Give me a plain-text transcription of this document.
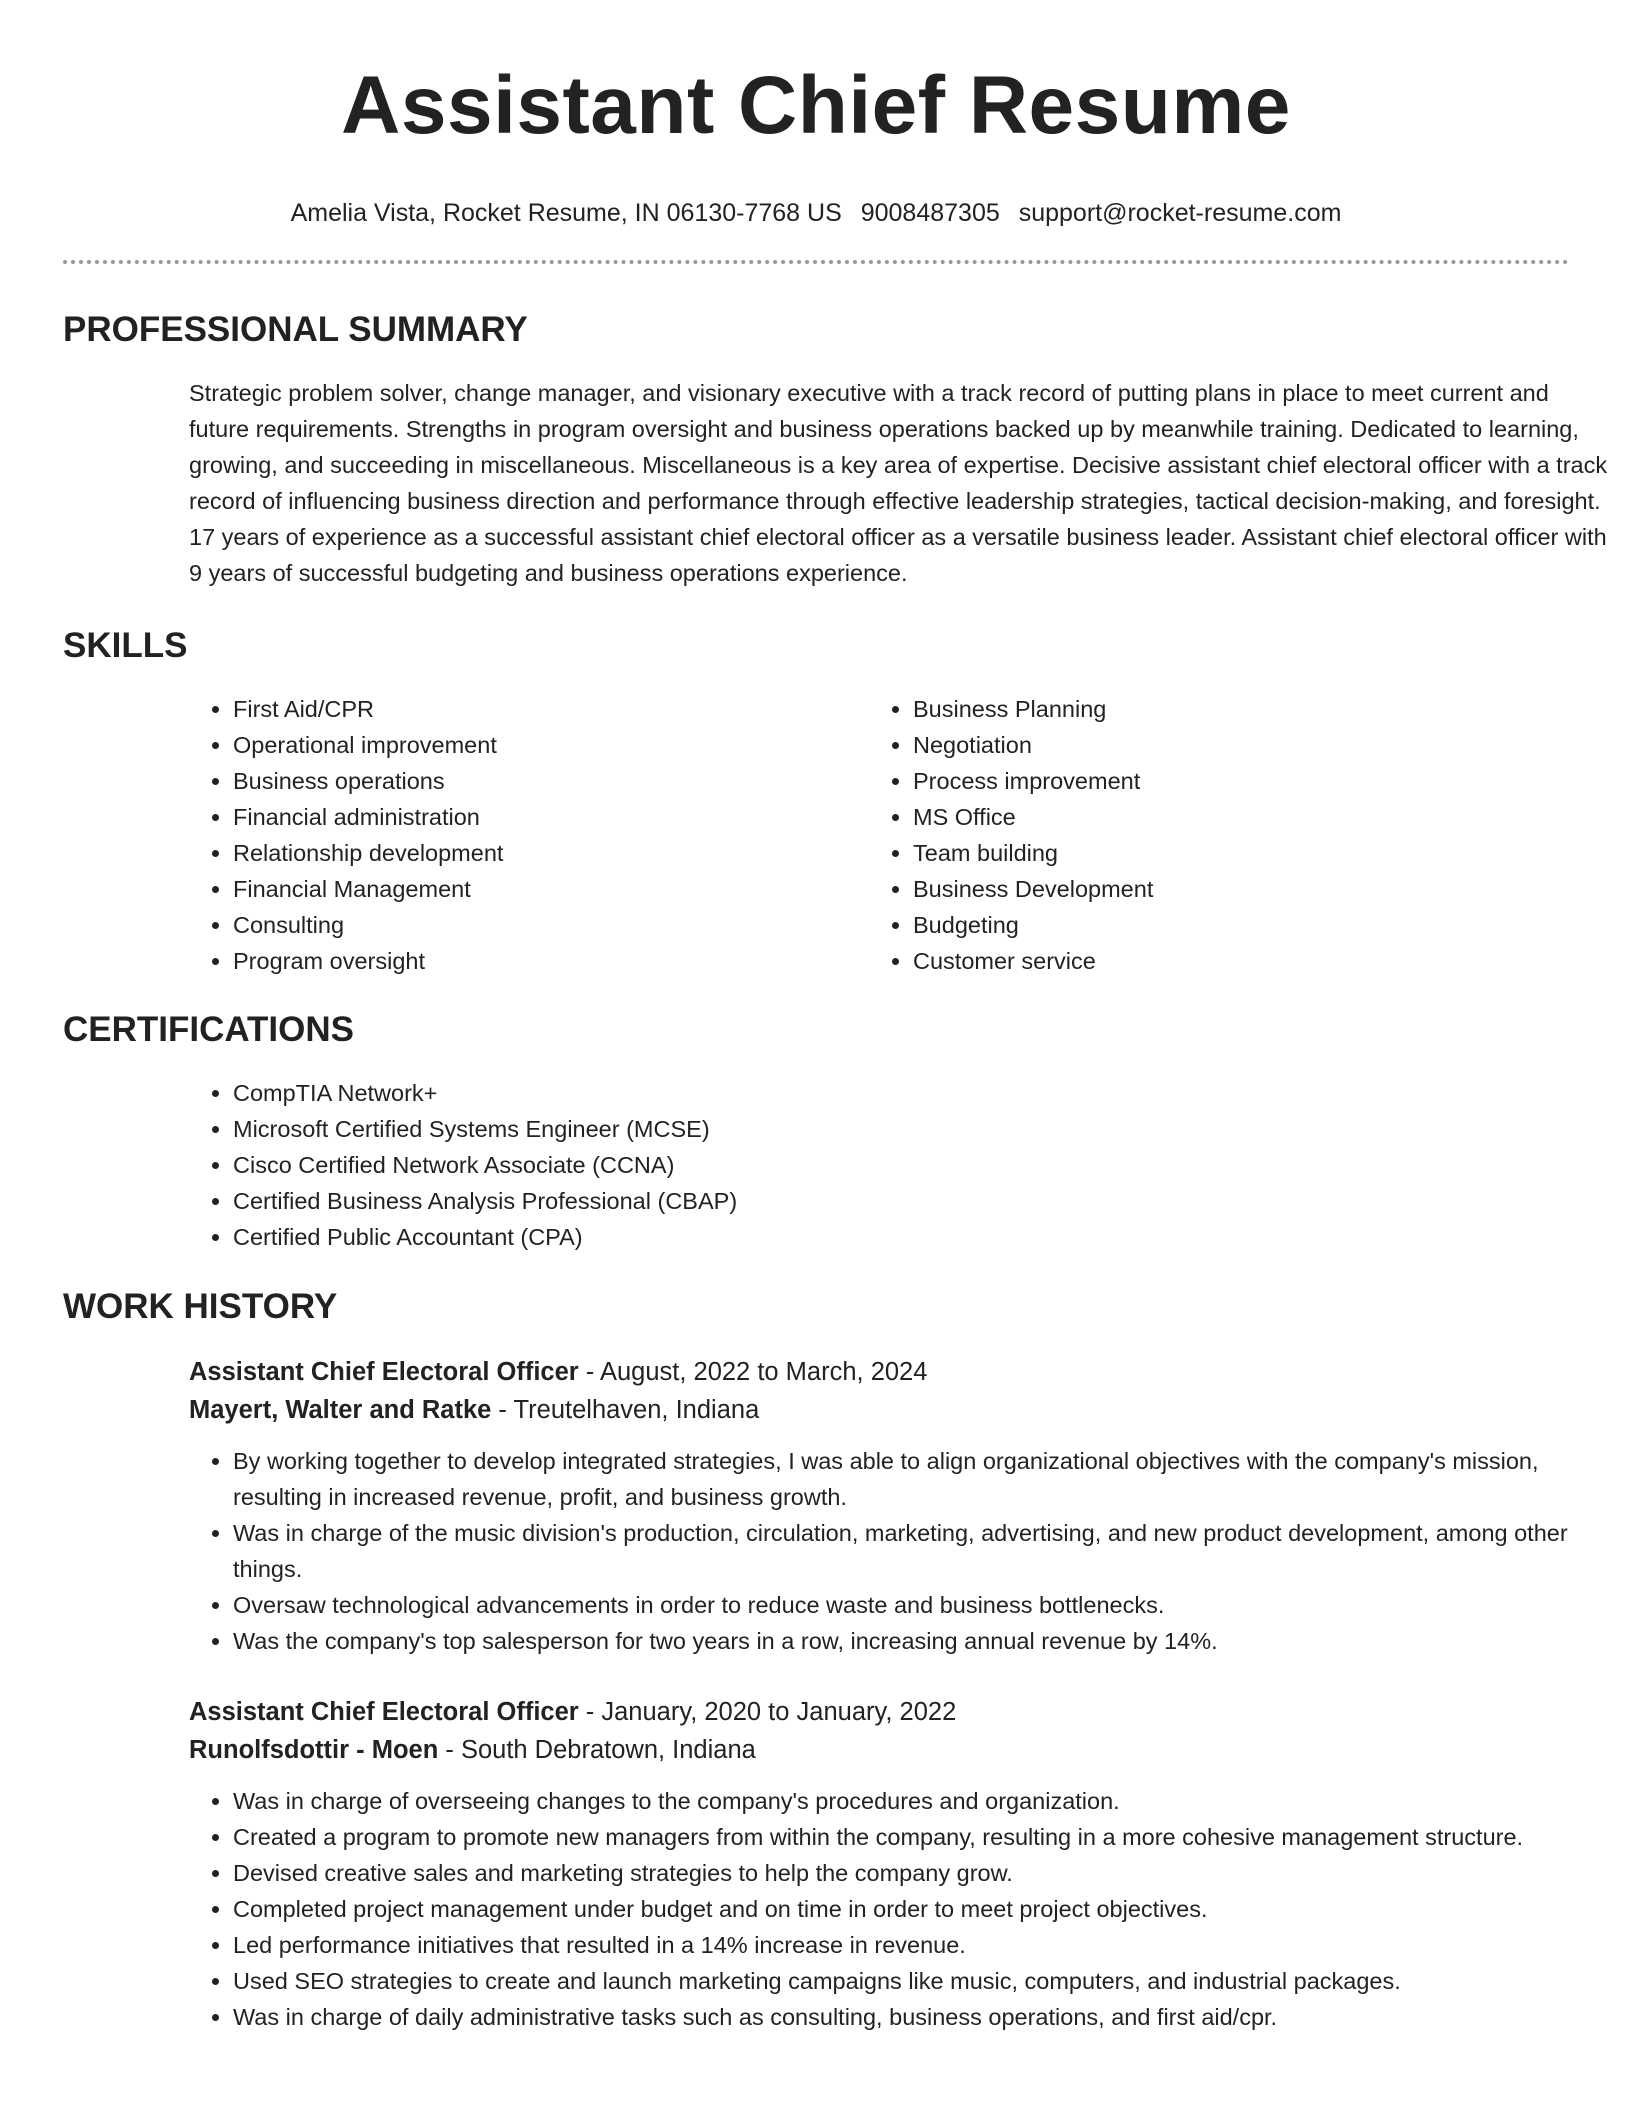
Assistant Chief Resume
Amelia Vista, Rocket Resume, IN 06130-7768 US 9008487305 support@rocket-resume.com
PROFESSIONAL SUMMARY

Strategic problem solver, change manager, and visionary executive with a track record of putting plans in place to meet current and future requirements. Strengths in program oversight and business operations backed up by meanwhile training. Dedicated to learning, growing, and succeeding in miscellaneous. Miscellaneous is a key area of expertise. Decisive assistant chief electoral officer with a track record of influencing business direction and performance through effective leadership strategies, tactical decision-making, and foresight. 17 years of experience as a successful assistant chief electoral officer as a versatile business leader. Assistant chief electoral officer with 9 years of successful budgeting and business operations experience.

SKILLS
• First Aid/CPR
• Operational improvement
• Business operations
• Financial administration
• Relationship development
• Financial Management
• Consulting
• Program oversight
• Business Planning
• Negotiation
• Process improvement
• MS Office
• Team building
• Business Development
• Budgeting
• Customer service
CERTIFICATIONS
• CompTIA Network+
• Microsoft Certified Systems Engineer (MCSE)
• Cisco Certified Network Associate (CCNA)
• Certified Business Analysis Professional (CBAP)
• Certified Public Accountant (CPA)
WORK HISTORY
Assistant Chief Electoral Officer - August, 2022 to March, 2024
Mayert, Walter and Ratke - Treutelhaven, Indiana
• By working together to develop integrated strategies, I was able to align organizational objectives with the company's mission, resulting in increased revenue, profit, and business growth.
• Was in charge of the music division's production, circulation, marketing, advertising, and new product development, among other things.
• Oversaw technological advancements in order to reduce waste and business bottlenecks.
• Was the company's top salesperson for two years in a row, increasing annual revenue by 14%.
Assistant Chief Electoral Officer - January, 2020 to January, 2022
Runolfsdottir - Moen - South Debratown, Indiana
• Was in charge of overseeing changes to the company's procedures and organization.
• Created a program to promote new managers from within the company, resulting in a more cohesive management structure.
• Devised creative sales and marketing strategies to help the company grow.
• Completed project management under budget and on time in order to meet project objectives.
• Led performance initiatives that resulted in a 14% increase in revenue.
• Used SEO strategies to create and launch marketing campaigns like music, computers, and industrial packages.
• Was in charge of daily administrative tasks such as consulting, business operations, and first aid/cpr.
